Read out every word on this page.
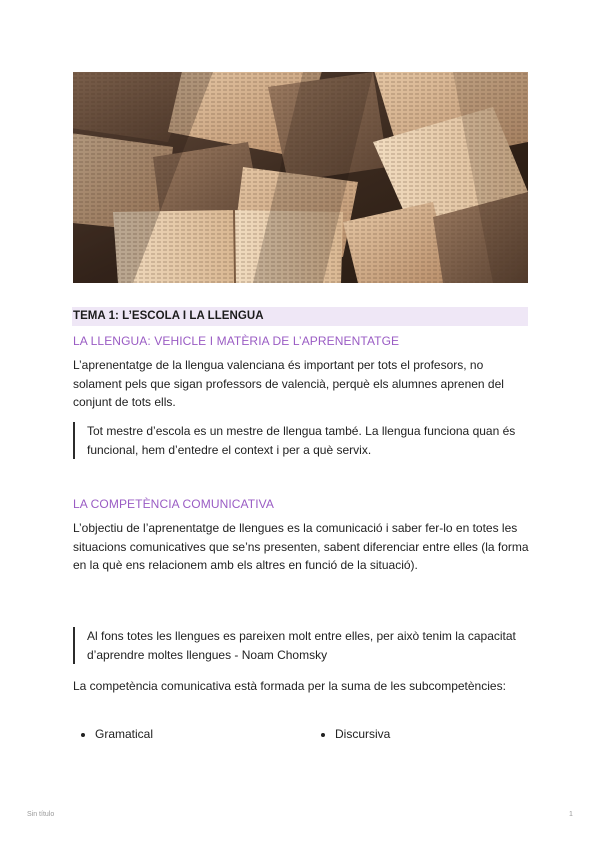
TEMA 1: L’ESCOLA I LA LLENGUA
LA LLENGUA: VEHICLE I MATÈRIA DE L’APRENENTATGE
L’aprenentatge de la llengua valenciana és important per tots el profesors, no solament pels que sigan professors de valencià, perquè els alumnes aprenen del conjunt de tots ells.
Tot mestre d’escola es un mestre de llengua també. La llengua funciona quan és funcional, hem d’entedre el context i per a què servix.
LA COMPETÈNCIA COMUNICATIVA
L’objectiu de l’aprenentatge de llengues es la comunicació i saber fer-lo en totes les situacions comunicatives que se’ns presenten, sabent diferenciar entre elles (la forma en la què ens relacionem amb els altres en funció de la situació).
Al fons totes les llengues es pareixen molt entre elles, per això tenim la capacitat d’aprendre moltes llengues - Noam Chomsky
La competència comunicativa està formada per la suma de les subcompetències:
Gramatical	Discursiva
Sin título	1
